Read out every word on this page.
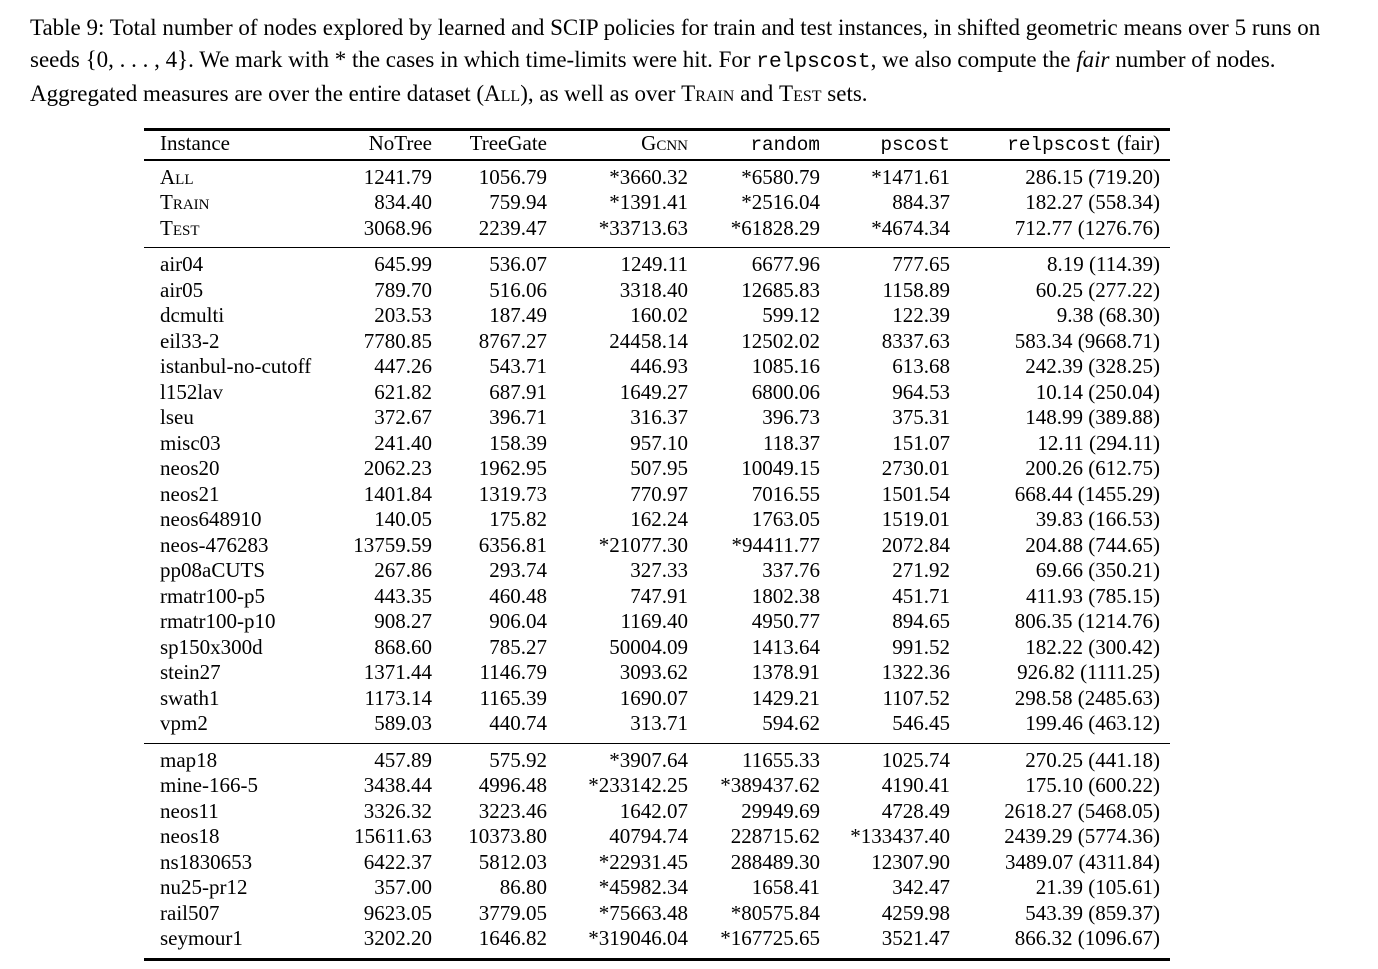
Table 9: Total number of nodes explored by learned and SCIP policies for train and test instances, in shifted geometric means over 5 runs on seeds {0, . . . , 4}. We mark with * the cases in which time-limits were hit. For relpscost, we also compute the fair number of nodes. Aggregated measures are over the entire dataset (All), as well as over Train and Test sets.

Instance	NoTree	TreeGate	Gcnn	random	pscost	relpscost (fair)
All	1241.79	1056.79	*3660.32	*6580.79	*1471.61	286.15 (719.20)
Train	834.40	759.94	*1391.41	*2516.04	884.37	182.27 (558.34)
Test	3068.96	2239.47	*33713.63	*61828.29	*4674.34	712.77 (1276.76)
air04	645.99	536.07	1249.11	6677.96	777.65	8.19 (114.39)
air05	789.70	516.06	3318.40	12685.83	1158.89	60.25 (277.22)
dcmulti	203.53	187.49	160.02	599.12	122.39	9.38 (68.30)
eil33-2	7780.85	8767.27	24458.14	12502.02	8337.63	583.34 (9668.71)
istanbul-no-cutoff	447.26	543.71	446.93	1085.16	613.68	242.39 (328.25)
l152lav	621.82	687.91	1649.27	6800.06	964.53	10.14 (250.04)
lseu	372.67	396.71	316.37	396.73	375.31	148.99 (389.88)
misc03	241.40	158.39	957.10	118.37	151.07	12.11 (294.11)
neos20	2062.23	1962.95	507.95	10049.15	2730.01	200.26 (612.75)
neos21	1401.84	1319.73	770.97	7016.55	1501.54	668.44 (1455.29)
neos648910	140.05	175.82	162.24	1763.05	1519.01	39.83 (166.53)
neos-476283	13759.59	6356.81	*21077.30	*94411.77	2072.84	204.88 (744.65)
pp08aCUTS	267.86	293.74	327.33	337.76	271.92	69.66 (350.21)
rmatr100-p5	443.35	460.48	747.91	1802.38	451.71	411.93 (785.15)
rmatr100-p10	908.27	906.04	1169.40	4950.77	894.65	806.35 (1214.76)
sp150x300d	868.60	785.27	50004.09	1413.64	991.52	182.22 (300.42)
stein27	1371.44	1146.79	3093.62	1378.91	1322.36	926.82 (1111.25)
swath1	1173.14	1165.39	1690.07	1429.21	1107.52	298.58 (2485.63)
vpm2	589.03	440.74	313.71	594.62	546.45	199.46 (463.12)
map18	457.89	575.92	*3907.64	11655.33	1025.74	270.25 (441.18)
mine-166-5	3438.44	4996.48	*233142.25	*389437.62	4190.41	175.10 (600.22)
neos11	3326.32	3223.46	1642.07	29949.69	4728.49	2618.27 (5468.05)
neos18	15611.63	10373.80	40794.74	228715.62	*133437.40	2439.29 (5774.36)
ns1830653	6422.37	5812.03	*22931.45	288489.30	12307.90	3489.07 (4311.84)
nu25-pr12	357.00	86.80	*45982.34	1658.41	342.47	21.39 (105.61)
rail507	9623.05	3779.05	*75663.48	*80575.84	4259.98	543.39 (859.37)
seymour1	3202.20	1646.82	*319046.04	*167725.65	3521.47	866.32 (1096.67)
